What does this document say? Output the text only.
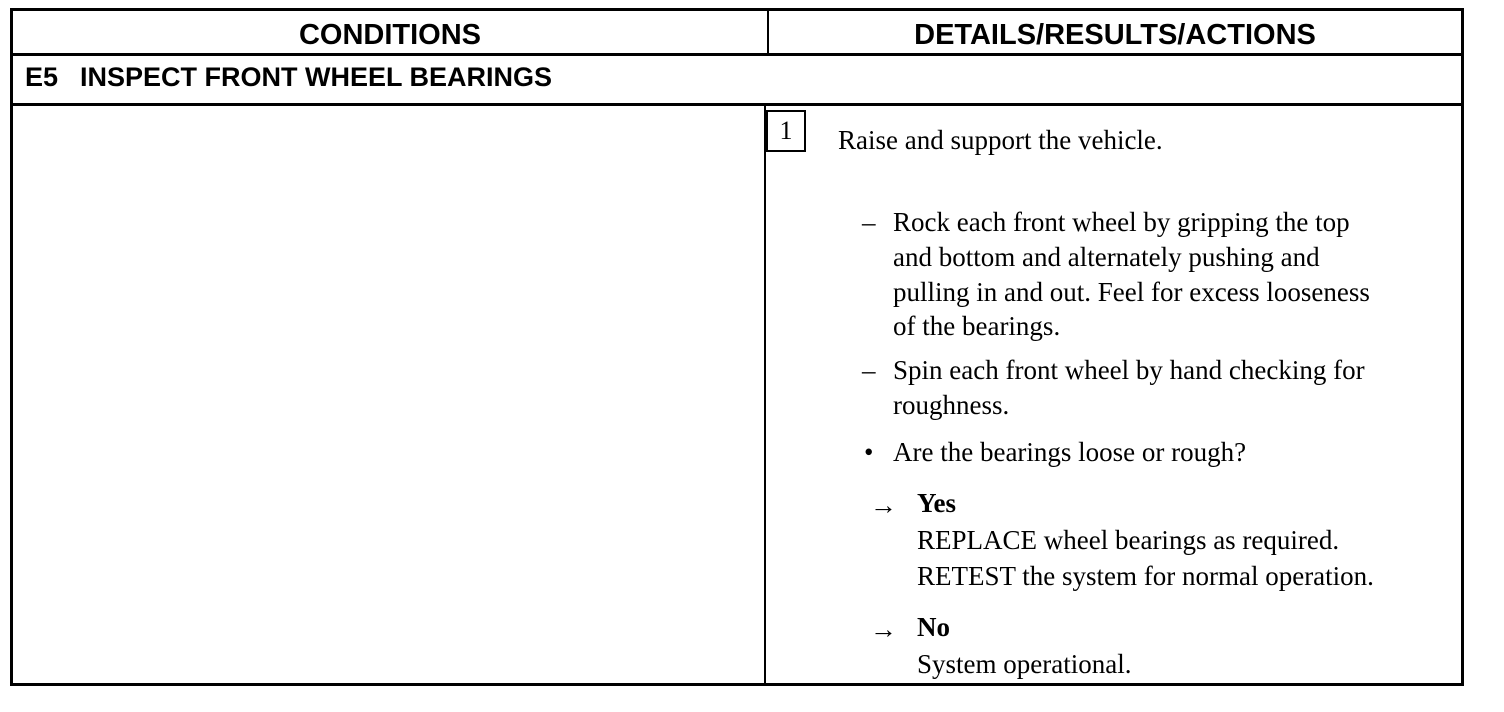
CONDITIONS	DETAILS/RESULTS/ACTIONS
E5 INSPECT FRONT WHEEL BEARINGS
1	Raise and support the vehicle.
– Rock each front wheel by gripping the top
and bottom and alternately pushing and
pulling in and out. Feel for excess looseness
of the bearings.
– Spin each front wheel by hand checking for
roughness.
• Are the bearings loose or rough?
→ Yes
REPLACE wheel bearings as required.
RETEST the system for normal operation.
→ No
System operational.
